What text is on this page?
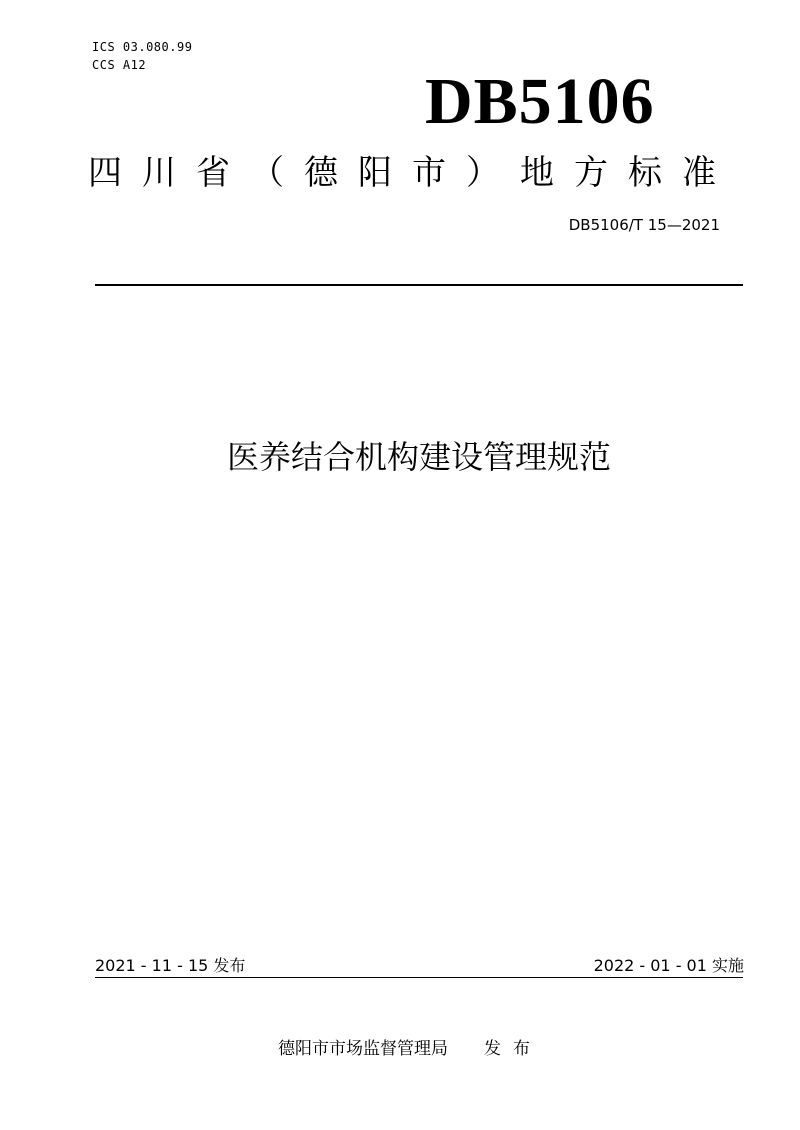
ICS 03.080.99
CCS A12	DB5106
四川省（德阳市）地方标准
DB5106/T 15—2021
医养结合机构建设管理规范
2021 - 11 - 15 发布	2022 - 01 - 01 实施
德阳市市场监督管理局 发布
